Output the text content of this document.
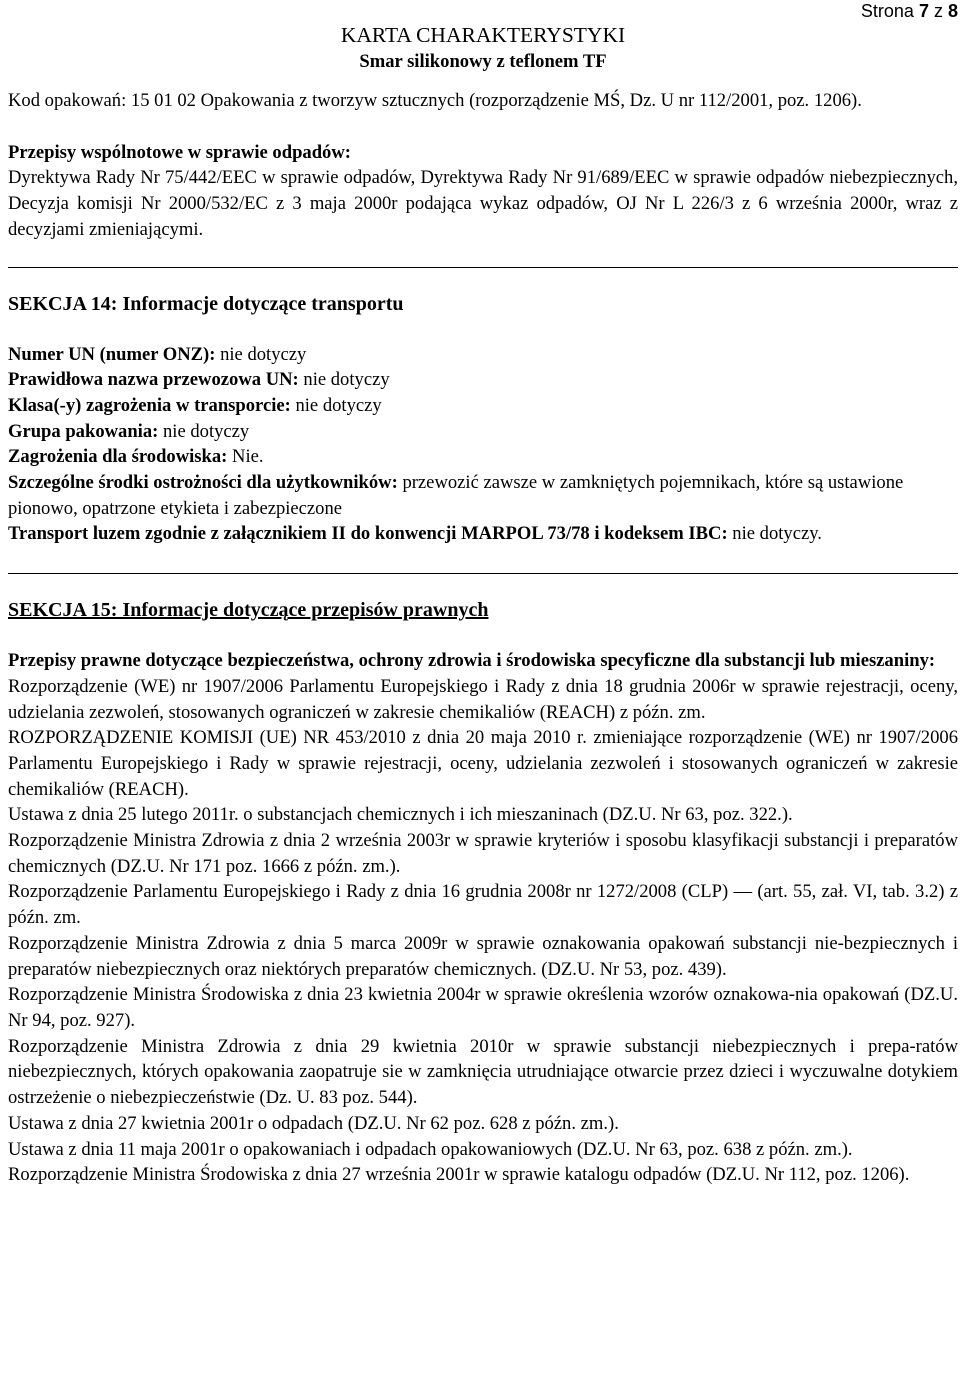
KARTA CHARAKTERYSTYKI
Smar silikonowy z teflonem TF
Strona 7 z 8

Kod opakowań: 15 01 02 Opakowania z tworzyw sztucznych (rozporządzenie MŚ, Dz. U nr 112/2001, poz. 1206).

Przepisy wspólnotowe w sprawie odpadów:

Dyrektywa Rady Nr 75/442/EEC w sprawie odpadów, Dyrektywa Rady Nr 91/689/EEC w sprawie odpadów niebezpiecznych, Decyzja komisji Nr 2000/532/EC z 3 maja 2000r podająca wykaz odpadów, OJ Nr L 226/3 z 6 września 2000r, wraz z decyzjami zmieniającymi.

SEKCJA 14: Informacje dotyczące transportu

Numer UN (numer ONZ): nie dotyczy

Prawidłowa nazwa przewozowa UN: nie dotyczy

Klasa(-y) zagrożenia w transporcie: nie dotyczy

Grupa pakowania: nie dotyczy

Zagrożenia dla środowiska: Nie.

Szczególne środki ostrożności dla użytkowników: przewozić zawsze w zamkniętych pojemnikach, które są ustawione pionowo, opatrzone etykieta i zabezpieczone

Transport luzem zgodnie z załącznikiem II do konwencji MARPOL 73/78 i kodeksem IBC: nie dotyczy.

SEKCJA 15: Informacje dotyczące przepisów prawnych

Przepisy prawne dotyczące bezpieczeństwa, ochrony zdrowia i środowiska specyficzne dla substancji lub mieszaniny:

Rozporządzenie (WE) nr 1907/2006 Parlamentu Europejskiego i Rady z dnia 18 grudnia 2006r w sprawie rejestracji, oceny, udzielania zezwoleń, stosowanych ograniczeń w zakresie chemikaliów (REACH) z późn. zm.

ROZPORZĄDZENIE KOMISJI (UE) NR 453/2010 z dnia 20 maja 2010 r. zmieniające rozporządzenie (WE) nr 1907/2006 Parlamentu Europejskiego i Rady w sprawie rejestracji, oceny, udzielania zezwoleń i stosowanych ograniczeń w zakresie chemikaliów (REACH).

Ustawa z dnia 25 lutego 2011r. o substancjach chemicznych i ich mieszaninach (DZ.U. Nr 63, poz. 322.).

Rozporządzenie Ministra Zdrowia z dnia 2 września 2003r w sprawie kryteriów i sposobu klasyfikacji substancji i preparatów chemicznych (DZ.U. Nr 171 poz. 1666 z późn. zm.).

Rozporządzenie Parlamentu Europejskiego i Rady z dnia 16 grudnia 2008r nr 1272/2008 (CLP) — (art. 55, zał. VI, tab. 3.2) z późn. zm.

Rozporządzenie Ministra Zdrowia z dnia 5 marca 2009r w sprawie oznakowania opakowań substancji nie-bezpiecznych i preparatów niebezpiecznych oraz niektórych preparatów chemicznych. (DZ.U. Nr 53, poz. 439).

Rozporządzenie Ministra Środowiska z dnia 23 kwietnia 2004r w sprawie określenia wzorów oznakowa-nia opakowań (DZ.U. Nr 94, poz. 927).

Rozporządzenie Ministra Zdrowia z dnia 29 kwietnia 2010r w sprawie substancji niebezpiecznych i prepa-ratów niebezpiecznych, których opakowania zaopatruje sie w zamknięcia utrudniające otwarcie przez dzieci i wyczuwalne dotykiem ostrzeżenie o niebezpieczeństwie (Dz. U. 83 poz. 544).

Ustawa z dnia 27 kwietnia 2001r o odpadach (DZ.U. Nr 62 poz. 628 z późn. zm.).

Ustawa z dnia 11 maja 2001r o opakowaniach i odpadach opakowaniowych (DZ.U. Nr 63, poz. 638 z późn. zm.).

Rozporządzenie Ministra Środowiska z dnia 27 września 2001r w sprawie katalogu odpadów (DZ.U. Nr 112, poz. 1206).
